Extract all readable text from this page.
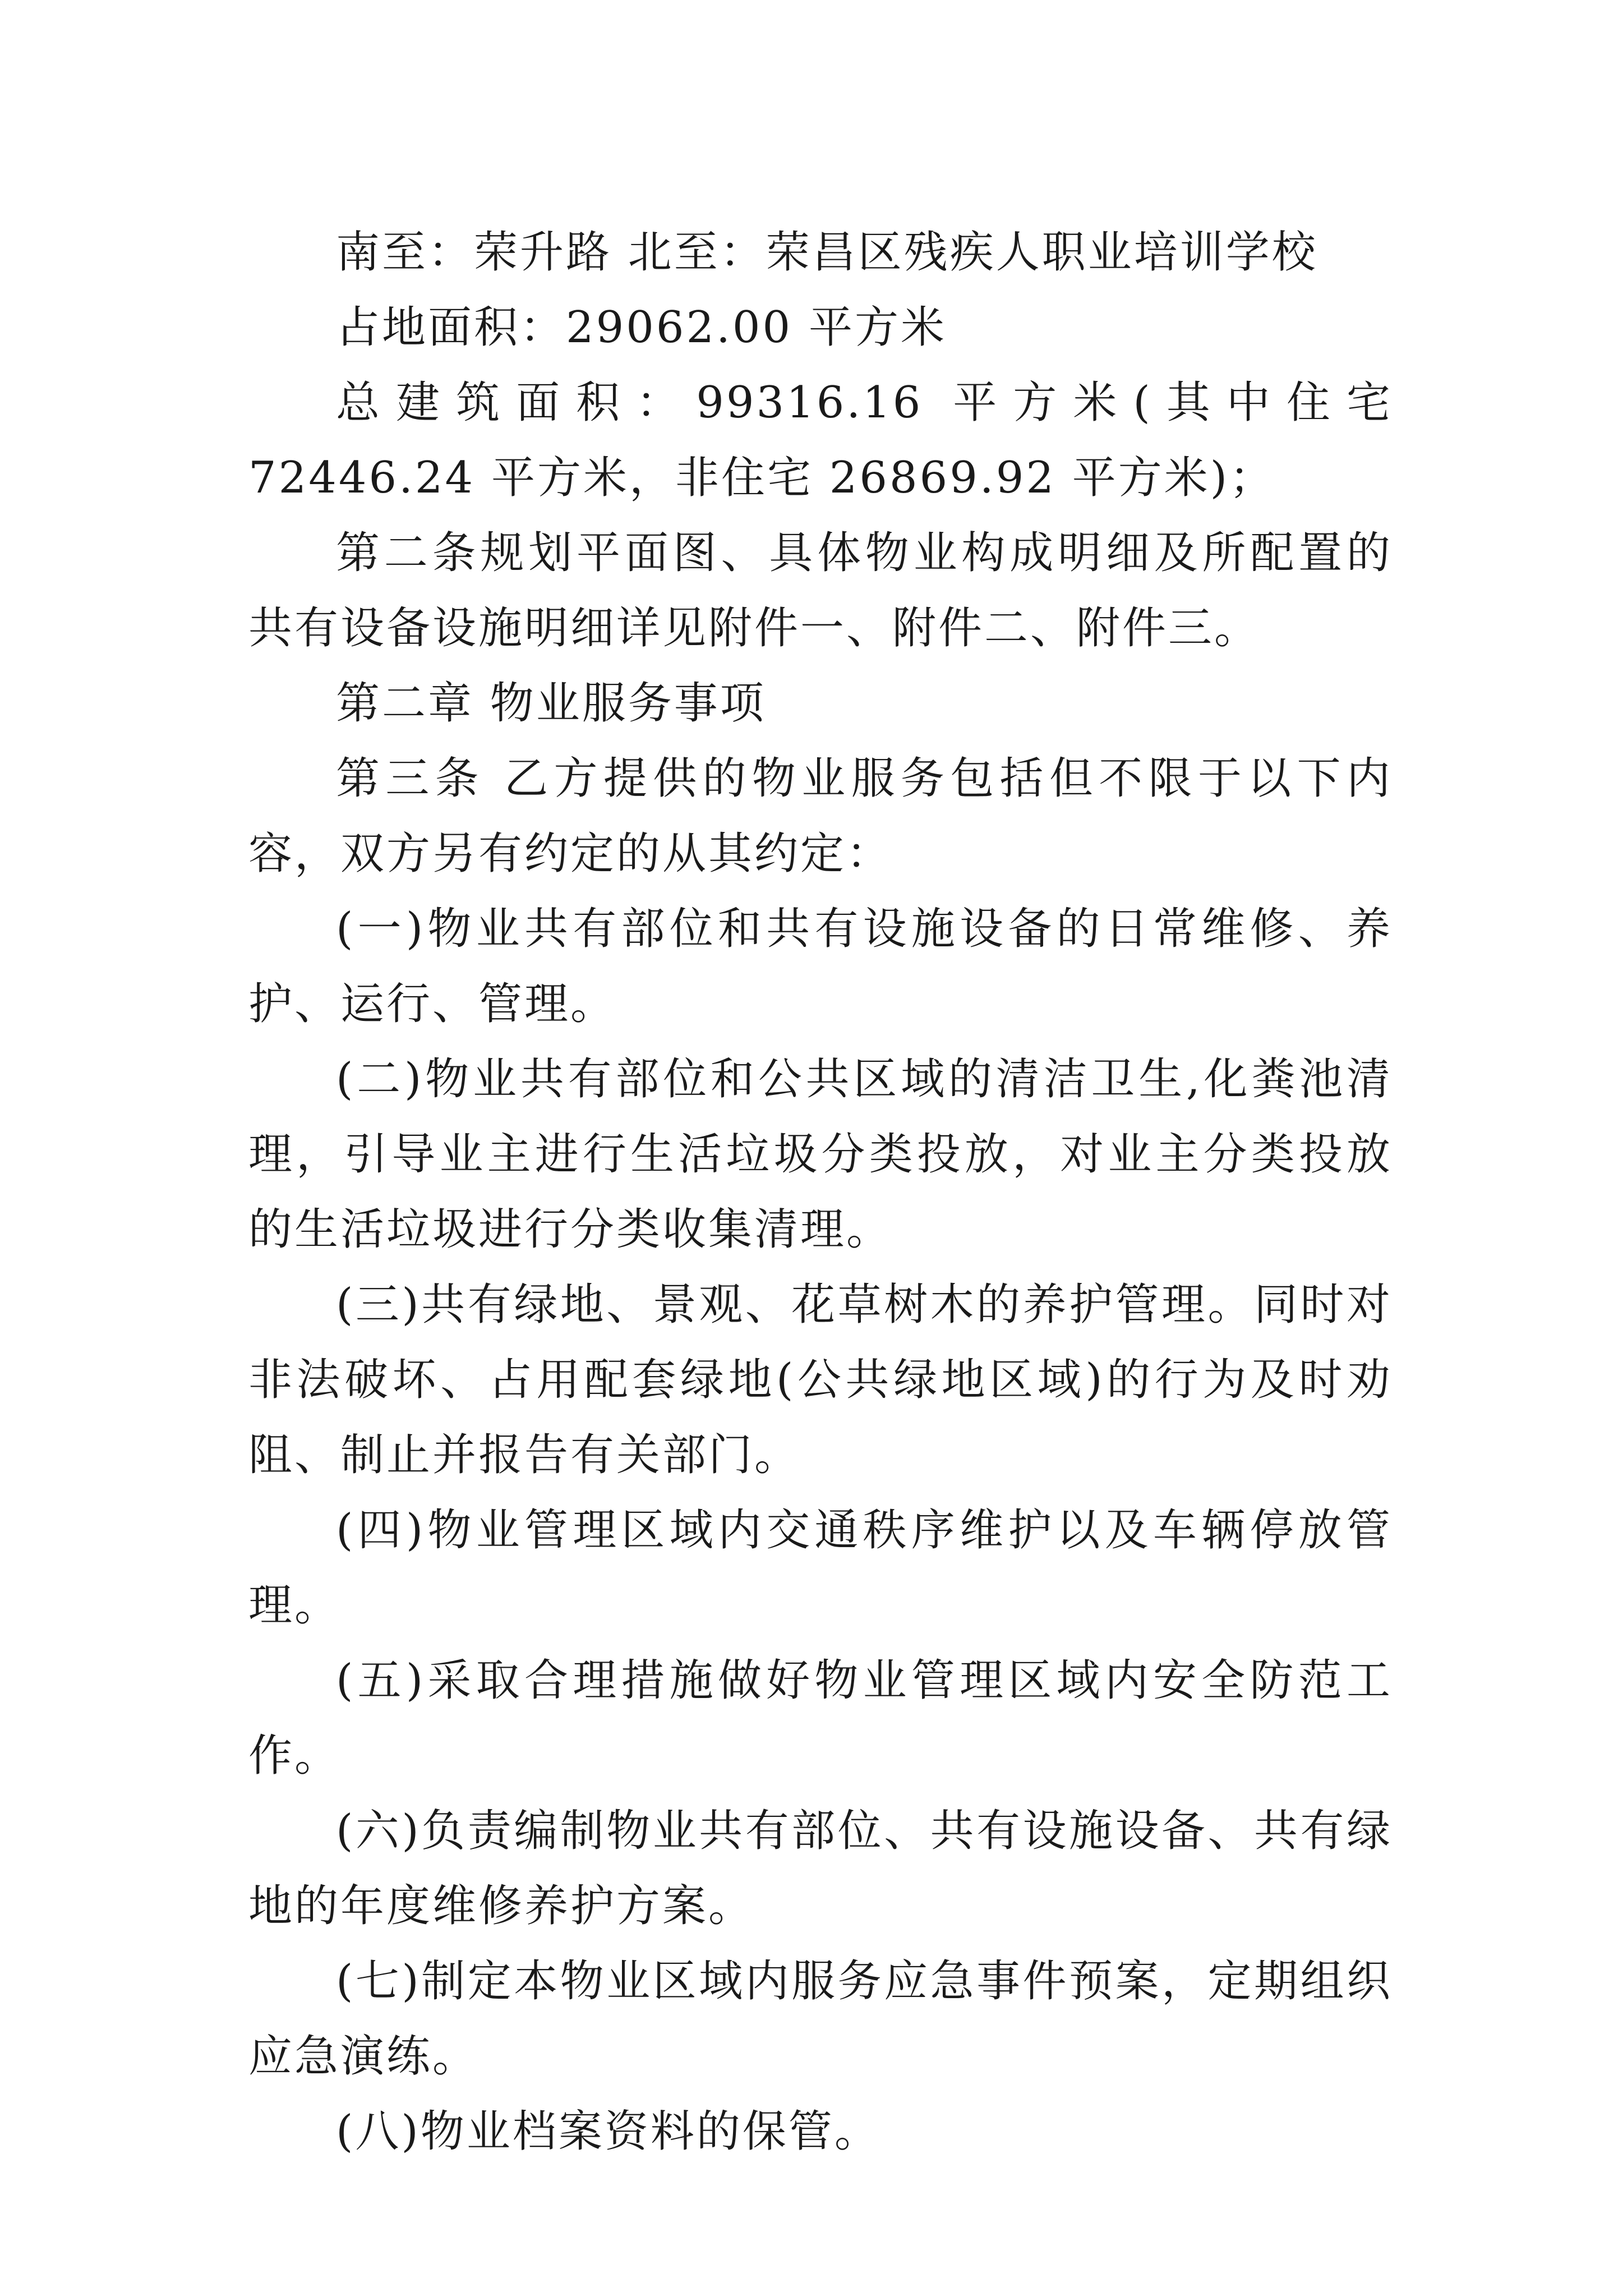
南至：荣升路 北至：荣昌区残疾人职业培训学校

占地面积：29062.00 平方米

总建筑面积：99316.16 平方米(其中住宅 72446.24 平方米，非住宅 26869.92 平方米)；

第二条规划平面图、具体物业构成明细及所配置的共有设备设施明细详见附件一、附件二、附件三。

第二章 物业服务事项

第三条 乙方提供的物业服务包括但不限于以下内容，双方另有约定的从其约定：

(一)物业共有部位和共有设施设备的日常维修、养护、运行、管理。

(二)物业共有部位和公共区域的清洁卫生,化粪池清理，引导业主进行生活垃圾分类投放，对业主分类投放的生活垃圾进行分类收集清理。

(三)共有绿地、景观、花草树木的养护管理。同时对非法破坏、占用配套绿地(公共绿地区域)的行为及时劝阻、制止并报告有关部门。

(四)物业管理区域内交通秩序维护以及车辆停放管理。

(五)采取合理措施做好物业管理区域内安全防范工作。

(六)负责编制物业共有部位、共有设施设备、共有绿地的年度维修养护方案。

(七)制定本物业区域内服务应急事件预案，定期组织应急演练。

(八)物业档案资料的保管。
